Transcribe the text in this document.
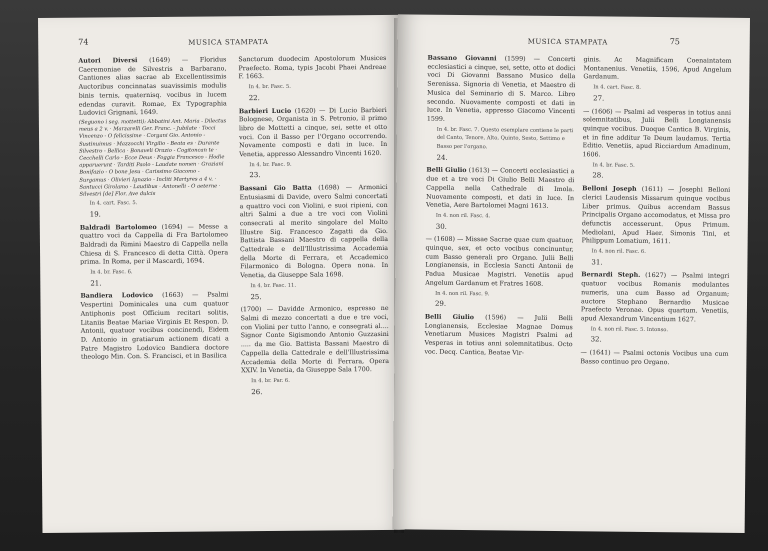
74	MUSICA STAMPATA

Autori Diversi (1649) — Floridus Caeremoniae de Silvestris a Barbarano, Cantiones alias sacrae ab Excellentissimis Auctoribus concinnatas suavissimis modulis binis ternis, quaternisq. vocibus in lucem edendas curavit. Romae, Ex Typographia Ludovici Grignani, 1649.

(Seguono i seg. mottetti): Abbatini Ant. Maria - Dilectus meus a 2 v. · Marzarelli Ger. Franc. - Jubilate · Tocci Vincenzo - O felicissime · Corgani Gio. Antonio - Sustinuimus · Mazzocchi Virgilio - Beata es · Durante Silvestro - Bellica · Bonaveli Orazio - Cogitoncan te · Cecchelli Carlo - Ecce Deus · Foggia Francesco - Hodie apparuerunt · Tarditi Paolo - Laudate nomen · Graziani Bonifazio - O bone Jesu · Carissimo Giacomo - Surgamus · Olivieri Ignazio - Incliti Martyres a 4 v. · Santucci Girolamo - Laudibus · Antonelli - O aeterne · Silvestri [de] Flor. Ave dulcis
In 4. cart. Fasc. 5.
19.

Baldradi Bartolomeo (1694) — Messe a quattro voci da Cappella di Fra Bartolomeo Baldradi da Rimini Maestro di Cappella nella Chiesa di S. Francesco di detta Città. Opera prima. In Roma, per il Mascardi, 1694.

In 4. br. Fasc. 6.
21.

Bandiera Lodovico (1663) — Psalmi Vespertini Dominicales una cum quatuor Antiphonis post Officium recitari solitis, Litaniis Beatae Mariae Virginis Et Respon. D. Antonii, quatuor vocibus concinendi, Eidem D. Antonio in gratiarum actionem dicati a Patre Magistro Lodovico Bandiera doctore theologo Min. Con. S. Francisci, et in Basilica

Sanctorum duodecim Apostolorum Musices Praefecto. Roma, typis Jacobi Phaei Andreae F. 1663.

In 4. br. Fasc. 5.
22.

Barbieri Lucio (1620) — Di Lucio Barbieri Bolognese, Organista in S. Petronio, il primo libro de Mottetti a cinque, sei, sette et otto voci. Con il Basso per l'Organo occorrendo. Novamente composti e dati in luce. In Venetia, appresso Alessandro Vincenti 1620.

In 4. br. Fasc. 9.
23.

Bassani Gio Batta (1698) — Armonici Entusiasmi di Davide, overo Salmi concertati a quattro voci con Violini, e suoi ripieni, con altri Salmi a due a tre voci con Violini consecrati al merito singolare del Molto Illustre Sig. Francesco Zagatti da Gio. Battista Bassani Maestro di cappella della Cattedrale e dell'Illustrissima Accademia della Morte di Ferrara, et Accademico Filarmonico di Bologna. Opera nona. In Venetia, da Giuseppe Sala 1698.

In 4. br. Fasc. 11.
25.

(1700) — Davidde Armonico, espresso ne Salmi di mezzo concertati a due e tre voci, con Violini per tutto l'anno, e consegrati al.... Signor Conte Sigismondo Antonio Guzzasini ..... da me Gio. Battista Bassani Maestro di Cappella della Cattedrale e dell'Illustrissima Accademia della Morte di Ferrara, Opera XXIV. In Venetia, da Giuseppe Sala 1700.

In 4. br. Par. 6.
26.
MUSICA STAMPATA	75

Bassano Giovanni (1599) — Concerti ecclesiastici a cinque, sei, sette, otto et dodici voci Di Giovanni Bassano Musico della Serenissa. Signoria di Venetia, et Maestro di Musica del Seminario di S. Marco. Libro secondo. Nuovamente composti et dati in luce. In Venetia, appresso Giacomo Vincenti 1599.

In 4. br. Fasc. 7. Questo esemplare contiene le parti del Canto, Tenore, Alto, Quinto, Sesto, Settimo e Basso per l'organo.
24.

Belli Giulio (1613) — Concerti ecclesiastici a due et a tre voci Di Giulio Belli Maestro di Cappella nella Cathedrale di Imola. Nuovamente composti, et dati in luce. In Venetia, Aere Bartolomei Magni 1613.

In 4. non ril. Fasc. 4.
30.

— (1608) — Missae Sacrae quae cum quatuor, quinque, sex, et octo vocibus concinuntur, cum Basso generali pro Organo. Julii Belli Longianensis, in Ecclesia Sancti Antonii de Padua Musicae Magistri. Venetiis apud Angelum Gardanum et Fratres 1608.

In 4. non ril. Fasc. 9.
29.

Belli Giulio (1596) — Julii Belli Longianensis, Ecclesiae Magnae Domus Venetiarum Musices Magistri Psalmi ad Vesperas in totius anni solemnitatibus. Octo voc. Decq. Cantica, Beatae Vir-

ginis. Ac Magnificam Coenaintatem Montanenius. Venetiis, 1596, Apud Angelum Gardanum.

In 4. cart. Fasc. 8.
27.

— (1606) — Psalmi ad vesperas in totius anni solemnitatibus, Julii Belli Longianensis quinque vocibus. Duoque Cantica B. Virginis, et in fine additur Te Deum laudamus. Tertia Editio. Venetiis, apud Ricciardum Amadinum, 1606.

In 4. br. Fasc. 5.
28.

Belloni Joseph (1611) — Josephi Belloni clerici Laudensis Missarum quinque vocibus Liber primus. Quibus accendam Bassus Principalis Organo accomodatus, et Missa pro defunctis accesserunt. Opus Primum. Mediolani, Apud Haer. Simonis Tini, et Philippum Lomatium, 1611.

In 4. non ril. Fasc. 6.
31.

Bernardi Steph. (1627) — Psalmi integri quatuor vocibus Romanis modulantes numeris, una cum Basso ad Organum; auctore Stephano Bernardio Musicae Praefecto Veronae. Opus quartum. Venetiis, apud Alexandrum Vincentium 1627.

In 4. non ril. Fasc. 5. Intonso.
32.

— (1641) — Psalmi octonis Vocibus una cum Basso continuo pro Organo.
